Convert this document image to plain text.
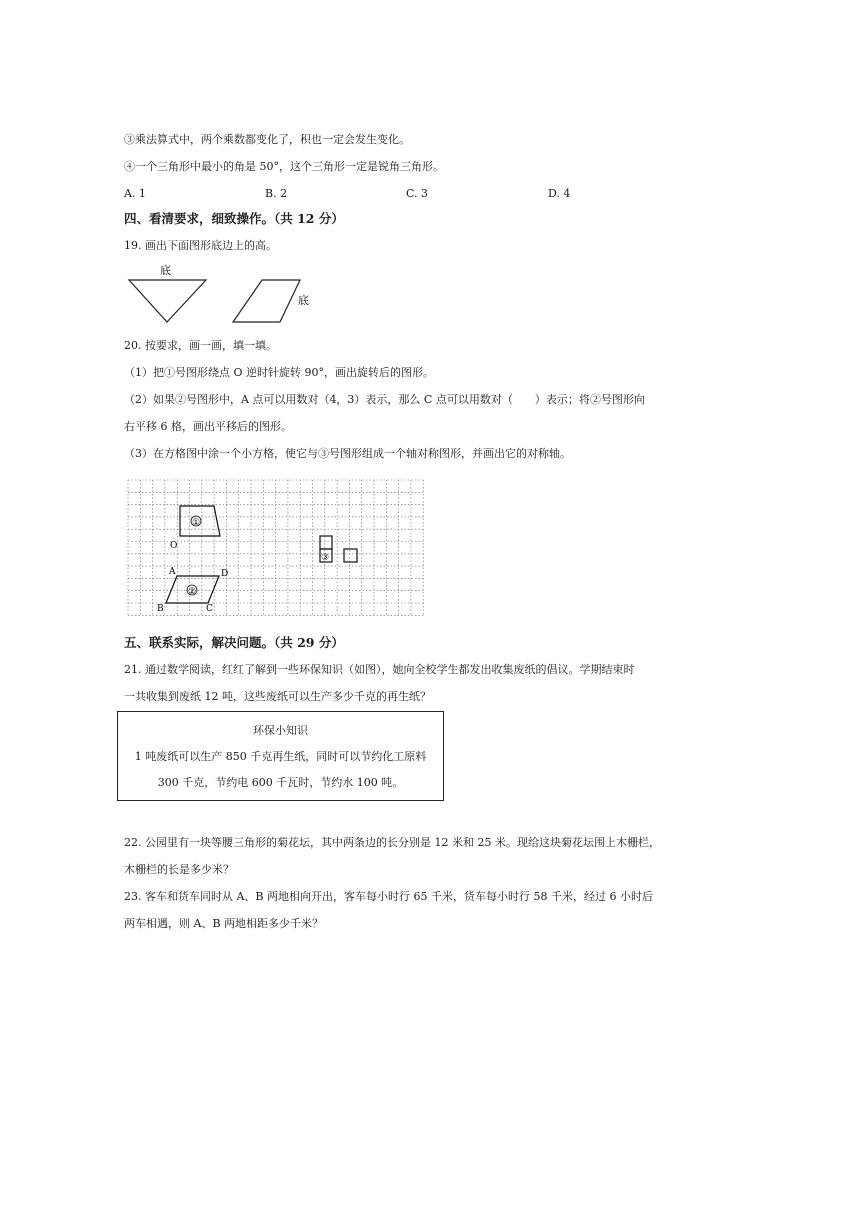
③乘法算式中，两个乘数都变化了，积也一定会发生变化。
④一个三角形中最小的角是 50°，这个三角形一定是锐角三角形。
A. 1	B. 2	C. 3	D. 4
四、看清要求，细致操作。（共 12 分）
19. 画出下面图形底边上的高。
底
底
20. 按要求，画一画，填一填。
（1）把①号图形绕点 O 逆时针旋转 90°，画出旋转后的图形。
（2）如果②号图形中，A 点可以用数对（4，3）表示，那么 C 点可以用数对（　　）表示；将②号图形向
右平移 6 格，画出平移后的图形。
（3）在方格图中涂一个小方格，使它与③号图形组成一个轴对称图形，并画出它的对称轴。
①
O
③
②
A	D
B	C
五、联系实际，解决问题。（共 29 分）
21. 通过数学阅读，红红了解到一些环保知识（如图），她向全校学生都发出收集废纸的倡议。学期结束时
一共收集到废纸 12 吨，这些废纸可以生产多少千克的再生纸？
环保小知识
1 吨废纸可以生产 850 千克再生纸，同时可以节约化工原料
300 千克，节约电 600 千瓦时，节约水 100 吨。
22. 公园里有一块等腰三角形的菊花坛，其中两条边的长分别是 12 米和 25 米。现给这块菊花坛围上木栅栏，
木栅栏的长是多少米？
23. 客车和货车同时从 A、B 两地相向开出，客车每小时行 65 千米，货车每小时行 58 千米，经过 6 小时后
两车相遇，则 A、B 两地相距多少千米？
